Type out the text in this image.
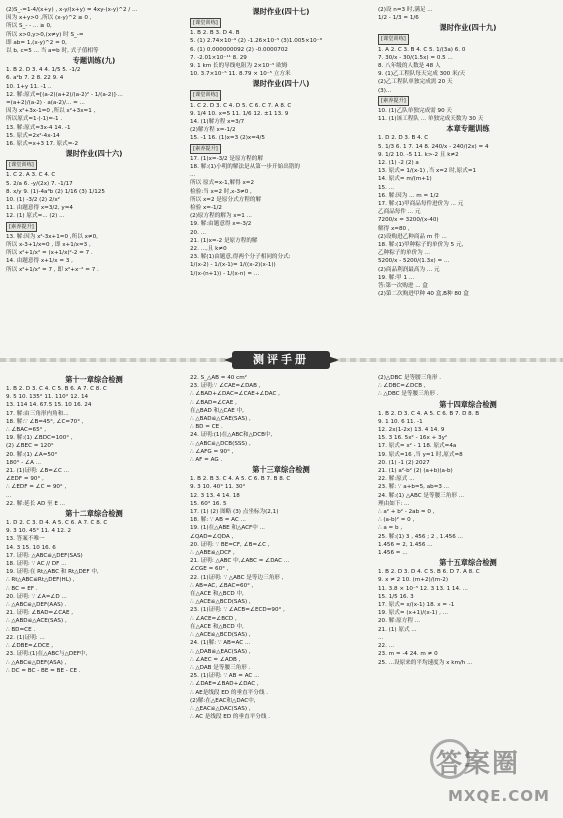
(2)S_-=1-4/(x+y) , x-y/(x+y) = 4xy-(x-y)^2 / ...

因为 x+y>0 ,所以 (x-y)^2 ≥ 0 ,

所以 S_- - ... ≥ 0,

所以 x>0,y>0,(x≠y) 时 S_-=

即 ab= 1,(x-y)^2 = 0,

以 b, c=5 ... 当 a=b 时, 式子值相等

专题训练(九)

1. B 2. D 3. 4 4. 1/5 5. -1/2

6. a²b 7. 2 8. 22 9. 4

10. 1+y 11. -1 ..

12. 解:原式=[(a-2)(a+2)/(a-2)² - 1/(a-2)]·...

=(a+2)/(a-2) · a(a-2)/... = ...

因为 x²+3x-1=0 ,所以 x²+3x=1 ,

所以原式=1·(-1)=-1 .

13. 解:原式=3x-4 14. -1

15. 原式=2x²-4x-14

16. 原式=x+3 17. 原式=-2

课时作业(四十六)

[课堂训练]

1. C 2. A 3. C 4. C

5. 2/a 6. -y/(2x) 7. -1/17

8. x/y 9. (1)-4a³b (2) 1/16 (3) 1/125

10. (1) -3/2 (2) 2/x²

11. 由题意得 x=3/2, y=4

12. (1) 原式=... (2) ...

[素养提升]

13. 解:因为 x²-3x+1=0 ,所以 x≠0,

所以 x-3+1/x=0 , 即 x+1/x=3 ,

所以 x²+1/x² = (x+1/x)²-2 = 7 .

14. 由题意得 x+1/x = 3 ,

所以 x²+1/x² = 7 , 即 x²+x⁻² = 7 .

课时作业(四十七)

[课堂训练]

1. B 2. B 3. D 4. B

5. (1) 2.74×10⁻⁹ (2) -1.26×10⁻⁵ (3)1.005×10⁻⁸

6. (1) 0.000000092 (2) -0.0000702

7. -2.01×10⁻¹¹ 8. 29

9. 1 km 长的导线电阻为 2×10⁻⁵ 欧姆

10. 3.7×10⁻⁵ 11. 8.79 × 10⁻⁵ 立方米

课时作业(四十八)

[课堂训练]

1. C 2. D 3. C 4. D 5. C 6. C 7. A 8. C

9. 1/4 10. x=5 11. 1/6 12. ±1 13. 9

14. (1)解方程 x=3/7

(2)解方程 x=-1/2

15. -1 16. (1)x=3 (2)x=4/5

[素养提升]

17. (1)x=-3/2 是原方程的解

18. 解:(1)小明的解法是从第一步开始出错的

...

所以 原式=x-1,解得 x=2

检验:当 x=2 时,x-3≠0 ,

所以 x=2 是原分式方程的解

检验 x=-1/2

(2)原方程的解为 x=1 ...

19. 解:由题意得 x=-3/2

20. ...

21. (1)x=-2 是原方程的解

22. ...,且 k≠0

23. 解(1)由题意,得两个分子相同的分式:

1/(x-2) - 1/(x-1)= 1/((x-2)(x-1))

1/(x-(n+1)) - 1/(x-n) = ...

(2)设 n=3 时,满足 ...

1/2 - 1/3 = 1/6

课时作业(四十九)

[课堂训练]

1. A 2. C 3. B 4. C 5. 1/(3a) 6. 0

7. 30/x - 30/(1.5x) = 0.5 ...

8. 八年级的人数是 48 人

9. (1)乙工程队每天完成 300 米/天

(2)乙工程队单独完成需 20 天

(3)...

[素养提升]

10. (1)乙队单独完成需 90 天

11. (1)该工程队 ... 单独完成天数为 30 天

本章专题训练

1. D 2. D 3. B 4. C

5. 1/3 6. 1 7. 14 8. 240/x - 240/(2x) = 4

9. 1/2 10. -5 11. k>-2 且 k≠2

12. (1) -2 (2) a

13. 原式= 1/(x-1) ,当 x=2 时,原式=1

14. 原式= m/(m+1)

15. ...

16. 解:因为 ... m = 1/2

17. 解:(1)甲商品每件进价为 ... 元

乙商品每件 ... 元

7200/x = 3200/(x-40)

解得 x=80 ,

(2)设购进乙种商品 m 件 ...

18. 解:(1)甲种粽子的单价为 5 元,

乙种粽子的单价为 ...

5200/x - 5200/(1.3x) = ...

(2)商品利润最高为 ... 元

19. 解:甲 1 ...

答:第一次购进 ... 盒

(2)第二次购进甲种 40 盒,B种 80 盒

测评手册

第十一章综合检测

1. B 2. D 3. C 4. C 5. B 6. A 7. C 8. C

9. 5 10. 135° 11. 110° 12. 14

13. 114 14. 67.5 15. 10 16. 24

17. 解:由三角形内角和...

18. 解:∵ ∠B=45°, ∠C=70° ,

∴ ∠BAC=65° ,

19. 解:(1) ∠BDC=100° ,

(2) ∠BEC = 120°

20. 解:(1) ∠A=50°

180° - ∠A ...

21. (1)证明: ∠B=∠C ...

∠EDF = 90° ,

∴ ∠EDF = ∠C = 90° ,

...

22. 解:延长 AD 至 E ...

第十二章综合检测

1. D 2. C 3. D 4. A 5. C 6. A 7. C 8. C

9. 3 10. 45° 11. 4 12. 2

13. 答案不唯一

14. 3 15. 10 16. 6

17. 证明: △ABC≌△DEF(SAS)

18. 证明: ∵ AC // DF ...

19. 证明:在 Rt△ABC 和 Rt△DEF 中,

∴ Rt△ABC≌Rt△DEF(HL) ,

∴ BC = EF .

20. 证明: ∵ ∠A=∠D ...

∴ △ABC≌△DEF(AAS) .

21. 证明: ∠BAD=∠CAE ,

∴ △ABD≌△ACE(SAS) ,

∴ BD=CE .

22. (1)证明: ...

∴ ∠DBE=∠DCE ,

23. 证明:(1)在△ABC与△DEF中,

∴ △ABC≌△DEF(ASA) ,

∴ DC = BC - BE = BE - CE .

22. S_△AB = 40 cm²

23. 证明:∵ ∠CAE=∠DAB ,

∴ ∠BAD+∠DAC=∠CAE+∠DAC ,

∴ ∠BAD=∠CAE ,

在△BAD 和△CAE 中,

∴ △BAD≌△CAE(SAS) ,

∴ BD = CE .

24. 证明:(1)在△ABC和△DCB中,

∴ △ABC≌△DCB(SSS) ,

∴ ∠AFG = 90° ,

∴ AF = AG .

第十三章综合检测

1. B 2. B 3. C 4. A 5. C 6. B 7. B 8. C

9. 3 10. 40° 11. 30°

12. 3 13. 4 14. 18

15. 60° 16. 5

17. (1) (2) 图略 (3) 点坐标为(2,1)

18. 解: ∵ AB = AC ...

19. (1)在△ABE 和△ACF中 ...

∠QAD=∠QDA ,

20. 证明: ∵ BE=CF, ∠B=∠C ,

∴ △ABE≌△DCF ,

21. 证明: △ABC 中,∠ABC = ∠DAC ...

∠CGE = 60° ,

22. (1)证明: ∵ △ABC 是等边三角形 ,

∴ AB=AC, ∠BAC=60° ,

在△ACE 和△BCD 中,

∴ △ACE≌△BCD(SAS) ,

23. (1)证明: ∵ ∠ACB=∠ECD=90° ,

∴ ∠ACE=∠BCD ,

在△ACE 和△BCD 中,

∴ △ACE≌△BCD(SAS) ,

24. (1)解: ∵ AB=AC ...

∴ △DAB≌△EAC(SAS) ,

∴ ∠AEC = ∠ADB ,

∴ △DAB 是等腰三角形 .

25. (1)证明: ∵ AB = AC ...

∴ ∠DAE=∠BAD+∠DAC ,

∴ AE是线段 ED 的垂直平分线 .

(2)解:在△EAC和△DAC中,

∴ △EAC≌△DAC(SAS) ,

∴ AC 是线段 ED 的垂直平分线 .

(2)△DBC 是等腰三角形 .

∴ ∠DBC=∠DCB ,

∴ △DBC 是等腰三角形 .

第十四章综合检测

1. B 2. D 3. C 4. A 5. C 6. B 7. D 8. B

9. 1 10. 6 11. -1

12. 2x(1-2x) 13. 4 14. 9

15. 3 16. 5x² - 16x + 3y²

17. 原式= x² - 1 18. 原式=4a

19. 原式=16 ,当 y=1 时,原式=8

20. (1) -1 (2) 2027

21. (1) a²-b² (2) (a+b)(a-b)

22. 解:原式 ...

23. 解: ∵ a+b=5, ab=3 ...

24. 解:(1) △ABC 是等腰三角形 ...

理由如下: ...

∴ a² + b² - 2ab = 0 ,

∴ (a-b)² = 0 ,

∴ a = b ,

25. 解:(1) 3 , 456 ; 2 , 1.456 ...

1.456 = 2, 1.456 ...

1.456 = ...

第十五章综合检测

1. B 2. D 3. D 4. C 5. B 6. D 7. A 8. C

9. x ≠ 2 10. (m+2)/(m-2)

11. 3.8 × 10⁻⁵ 12. 3 13. 1 14. ...

15. 1/5 16. 3

17. 原式= x/(x-1) 18. x = -1

19. 原式= (x+1)/(x-1) , ...

20. 解:原方程 ...

21. (1) 原式 ...

...

22. ...

23. m = -4 24. m ≠ 0

25. ...设原来的平均速度为 x km/h ...

答案圈
MXQE.COM
